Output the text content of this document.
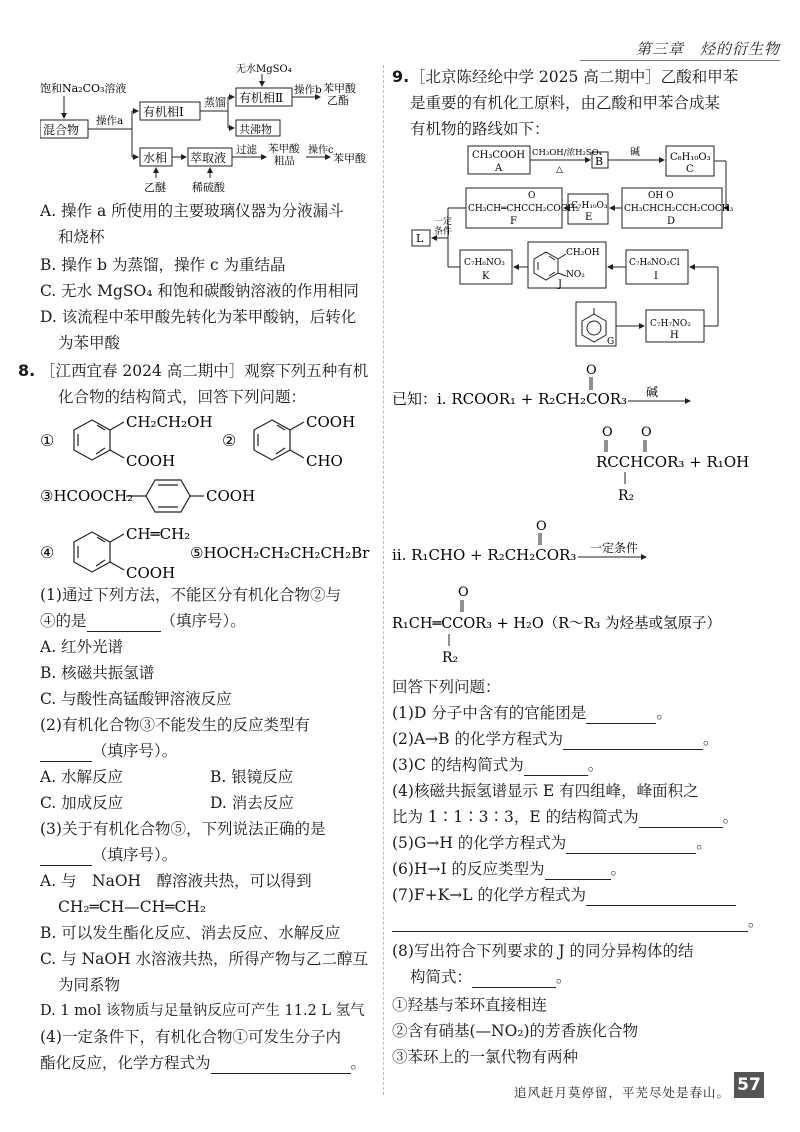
第三章　烃的衍生物
无水MgSO₄
饱和Na₂CO₃溶液
混合物
操作a
有机相Ⅰ
蒸馏 有机相Ⅱ
操作b 苯甲酸乙酯
共沸物
水相 萃取液
过滤 苯甲酸粗品
操作c
苯甲酸
乙醚 稀硫酸
A. 操作 a 所使用的主要玻璃仪器为分液漏斗
和烧杯
B. 操作 b 为蒸馏，操作 c 为重结晶
C. 无水 MgSO₄ 和饱和碳酸钠溶液的作用相同
D. 该流程中苯甲酸先转化为苯甲酸钠，后转化
为苯甲酸
8. ［江西宜春 2024 高二期中］观察下列五种有机
化合物的结构简式，回答下列问题：
①
CH₂CH₂OH
COOH
②
COOH
CHO
③HCOOCH₂	COOH
④
CH═CH₂
COOH
⑤HOCH₂CH₂CH₂CH₂Br
(1)通过下列方法，不能区分有机化合物②与
④的是	（填序号）。
A. 红外光谱
B. 核磁共振氢谱
C. 与酸性高锰酸钾溶液反应
(2)有机化合物③不能发生的反应类型有
（填序号）。
A. 水解反应	B. 银镜反应
C. 加成反应	D. 消去反应
(3)关于有机化合物⑤，下列说法正确的是
（填序号）。
A. 与　NaOH　醇溶液共热，可以得到
CH₂═CH—CH═CH₂
B. 可以发生酯化反应、消去反应、水解反应
C. 与 NaOH 水溶液共热，所得产物与乙二醇互
为同系物
D. 1 mol 该物质与足量钠反应可产生 11.2 L 氢气
(4)一定条件下，有机化合物①可发生分子内
酯化反应，化学方程式为	。
9. ［北京陈经纶中学 2025 高二期中］乙酸和甲苯
是重要的有机化工原料，由乙酸和甲苯合成某
有机物的路线如下：
CH₃COOH
A
CH₃OH/浓H₂SO₄
△
B
碱	C₆H₁₀O₃
C
OH O
CH₃CHCH₂CCH₂COCH₃
D
C₇H₁₀O₃
E
O
CH₃CH═CHCCH₂COCH₃
F
一定
条件
L
C₇H₆NO₃
K
CH₂OH
NO₂
J
C₇H₆NO₂Cl
I
G
C₇H₇NO₂
H
O
已知：ⅰ. RCOOR₁ + R₂CH₂COR₃ 碱
O O
RCCHCOR₃ + R₁OH
R₂
O
ⅱ. R₁CHO + R₂CH₂COR₃ 一定条件
O
R₁CH═CCOR₃ + H₂O（R～R₃ 为烃基或氢原子）
R₂
回答下列问题：
(1)D 分子中含有的官能团是	。
(2)A→B 的化学方程式为	。
(3)C 的结构简式为	。
(4)核磁共振氢谱显示 E 有四组峰，峰面积之
比为 1∶1∶3∶3，E 的结构简式为	。
(5)G→H 的化学方程式为	。
(6)H→I 的反应类型为	。
(7)F+K→L 的化学方程式为
。
(8)写出符合下列要求的 J 的同分异构体的结
构简式：	。
①羟基与苯环直接相连
②含有硝基(—NO₂)的芳香族化合物
③苯环上的一氯代物有两种
追风赶月莫停留，平芜尽处是春山。 57
